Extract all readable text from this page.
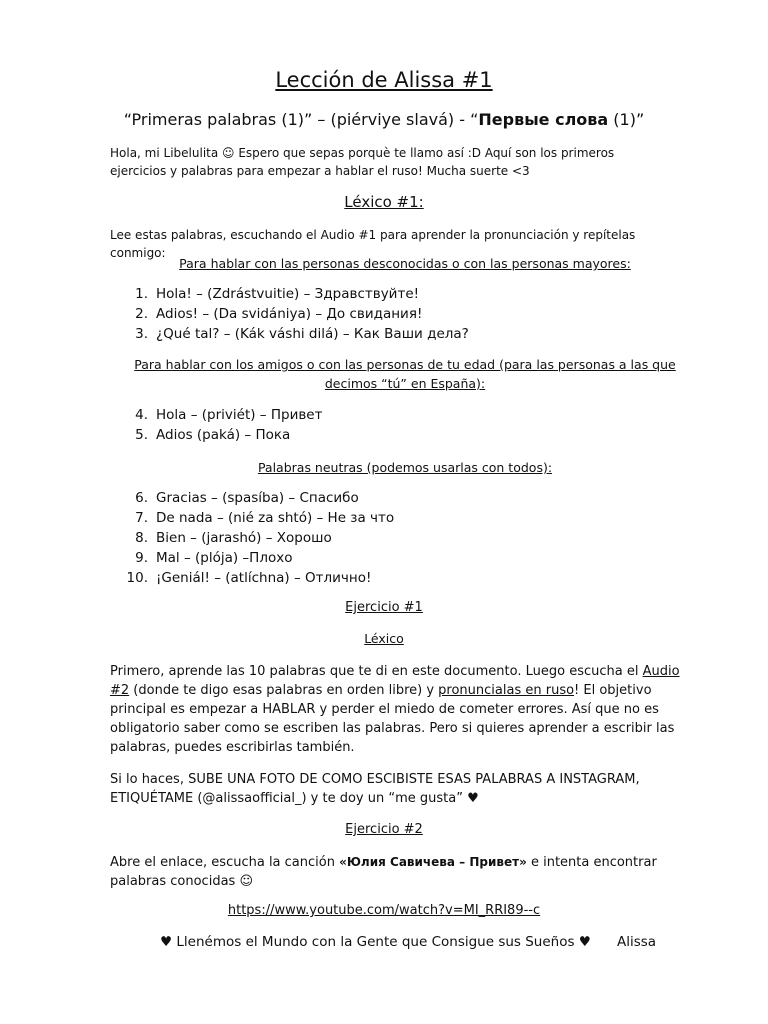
Lección de Alissa #1
“Primeras palabras (1)” – (piérviye slavá) - “Первые слова (1)”
Hola, mi Libelulita ☺ Espero que sepas porquè te llamo así :D Aquí son los primeros ejercicios y palabras para empezar a hablar el ruso! Mucha suerte <3
Léxico #1:
Lee estas palabras, escuchando el Audio #1 para aprender la pronunciación y repítelas conmigo:
Para hablar con las personas desconocidas o con las personas mayores:
1. Hola! – (Zdrástvuitie) – Здравствуйте!
2. Adios! – (Da svidániya) – До свидания!
3. ¿Qué tal? – (Kák váshi dilá) – Как Ваши дела?
Para hablar con los amigos o con las personas de tu edad (para las personas a las que decimos “tú” en España):
4. Hola – (priviét) – Привет
5. Adios (paká) – Пока
Palabras neutras (podemos usarlas con todos):
6. Gracias – (spasíba) – Спасибо
7. De nada – (nié za shtó) – Не за что
8. Bien – (jarashó) – Хорошо
9. Mal – (plója) –Плохо
10. ¡Geniál! – (atlíchna) – Отлично!
Ejercicio #1
Léxico
Primero, aprende las 10 palabras que te di en este documento. Luego escucha el Audio #2 (donde te digo esas palabras en orden libre) y pronuncialas en ruso! El objetivo principal es empezar a HABLAR y perder el miedo de cometer errores. Así que no es obligatorio saber como se escriben las palabras. Pero si quieres aprender a escribir las palabras, puedes escribirlas también.
Si lo haces, SUBE UNA FOTO DE COMO ESCIBISTE ESAS PALABRAS A INSTAGRAM, ETIQUÉTAME (@alissaofficial_) y te doy un “me gusta” ♥
Ejercicio #2
Abre el enlace, escucha la canción «Юлия Савичева – Привет» e intenta encontrar palabras conocidas ☺
https://www.youtube.com/watch?v=MI_RRI89--c
♥ Llenémos el Mundo con la Gente que Consigue sus Sueños ♥ Alissa
